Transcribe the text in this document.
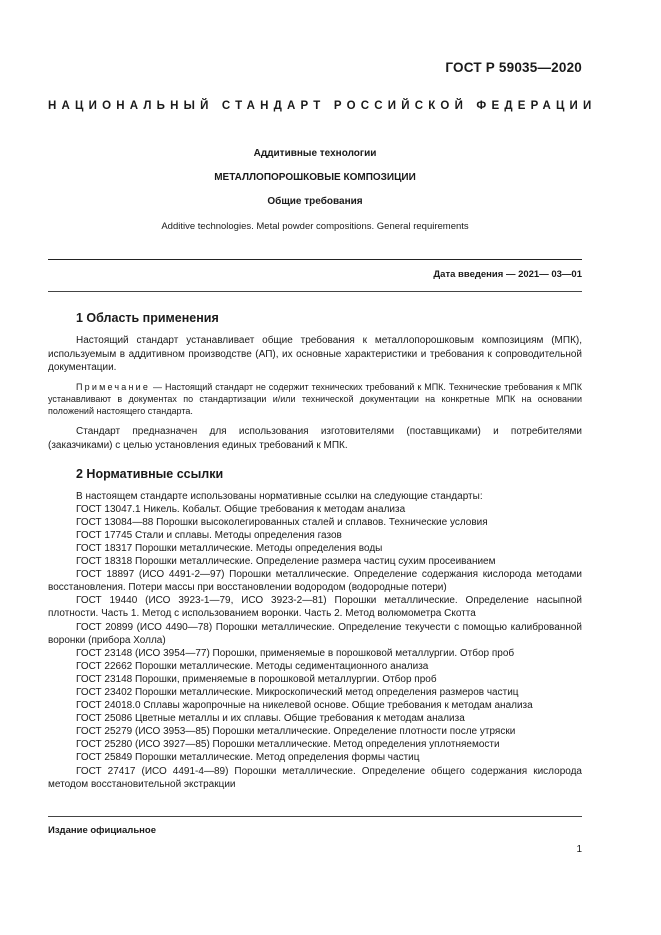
ГОСТ Р 59035—2020
НАЦИОНАЛЬНЫЙ СТАНДАРТ РОССИЙСКОЙ ФЕДЕРАЦИИ
Аддитивные технологии
МЕТАЛЛОПОРОШКОВЫЕ КОМПОЗИЦИИ
Общие требования
Additive technologies. Metal powder compositions. General requirements
Дата введения — 2021— 03—01
1 Область применения

Настоящий стандарт устанавливает общие требования к металлопорошковым композициям (МПК), используемым в аддитивном производстве (АП), их основные характеристики и требования к сопроводительной документации.

Примечание — Настоящий стандарт не содержит технических требований к МПК. Технические требования к МПК устанавливают в документах по стандартизации и/или технической документации на конкретные МПК на основании положений настоящего стандарта.

Стандарт предназначен для использования изготовителями (поставщиками) и потребителями (заказчиками) с целью установления единых требований к МПК.

2 Нормативные ссылки

В настоящем стандарте использованы нормативные ссылки на следующие стандарты:

ГОСТ 13047.1 Никель. Кобальт. Общие требования к методам анализа

ГОСТ 13084—88 Порошки высоколегированных сталей и сплавов. Технические условия

ГОСТ 17745 Стали и сплавы. Методы определения газов

ГОСТ 18317 Порошки металлические. Методы определения воды

ГОСТ 18318 Порошки металлические. Определение размера частиц сухим просеиванием

ГОСТ 18897 (ИСО 4491-2—97) Порошки металлические. Определение содержания кислорода методами восстановления. Потери массы при восстановлении водородом (водородные потери)

ГОСТ 19440 (ИСО 3923-1—79, ИСО 3923-2—81) Порошки металлические. Определение насыпной плотности. Часть 1. Метод с использованием воронки. Часть 2. Метод волюмометра Скотта

ГОСТ 20899 (ИСО 4490—78) Порошки металлические. Определение текучести с помощью калиброванной воронки (прибора Холла)

ГОСТ 23148 (ИСО 3954—77) Порошки, применяемые в порошковой металлургии. Отбор проб

ГОСТ 22662 Порошки металлические. Методы седиментационного анализа

ГОСТ 23148 Порошки, применяемые в порошковой металлургии. Отбор проб

ГОСТ 23402 Порошки металлические. Микроскопический метод определения размеров частиц

ГОСТ 24018.0 Сплавы жаропрочные на никелевой основе. Общие требования к методам анализа

ГОСТ 25086 Цветные металлы и их сплавы. Общие требования к методам анализа

ГОСТ 25279 (ИСО 3953—85) Порошки металлические. Определение плотности после утряски

ГОСТ 25280 (ИСО 3927—85) Порошки металлические. Метод определения уплотняемости

ГОСТ 25849 Порошки металлические. Метод определения формы частиц

ГОСТ 27417 (ИСО 4491-4—89) Порошки металлические. Определение общего содержания кислорода методом восстановительной экстракции

Издание официальное
1
